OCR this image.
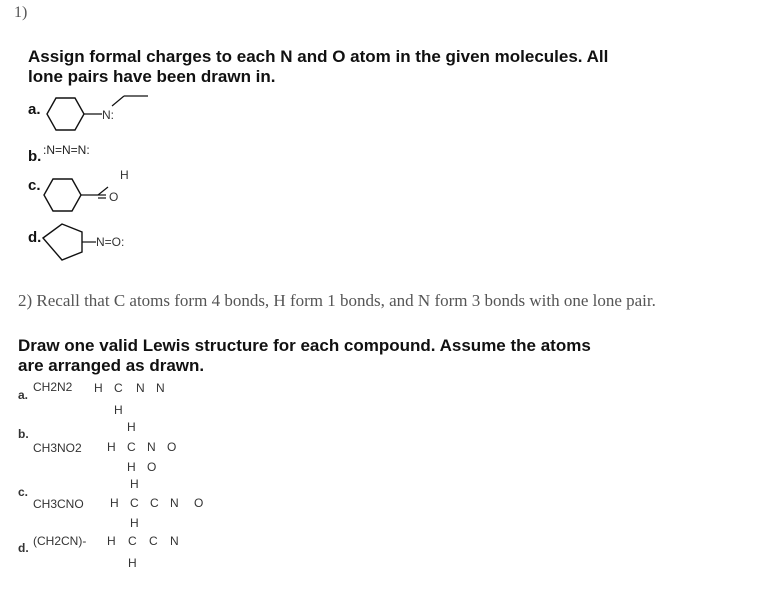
1)
Assign formal charges to each N and O atom in the given molecules. All
lone pairs have been drawn in.
a.	N:
b. :N=N=N:
c.
H
O
d.	N=O:
2) Recall that C atoms form 4 bonds, H form 1 bonds, and N form 3 bonds with one lone pair.
Draw one valid Lewis structure for each compound. Assume the atoms
are arranged as drawn.
a.
CH2N2 H C N N
H
b.
CH3NO2
H
H C N O
H O
c.
CH3CNO
H
H C C N O
H
d. (CH2CN)- H C C N
H
